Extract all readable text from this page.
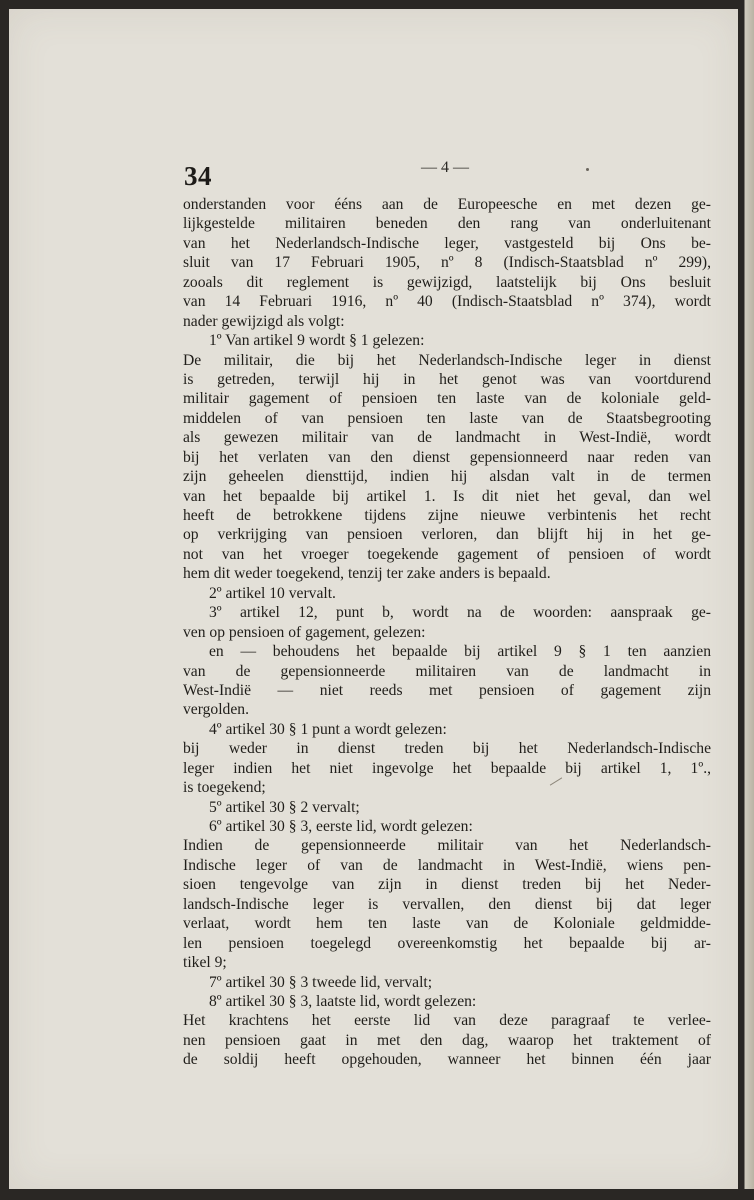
34	— 4 —
onderstanden voor ééns aan de Europeesche en met dezen ge-
lijkgestelde militairen beneden den rang van onderluitenant
van het Nederlandsch-Indische leger, vastgesteld bij Ons be-
sluit van 17 Februari 1905, nº 8 (Indisch-Staatsblad nº 299),
zooals dit reglement is gewijzigd, laatstelijk bij Ons besluit
van 14 Februari 1916, nº 40 (Indisch-Staatsblad nº 374), wordt
nader gewijzigd als volgt:
1º Van artikel 9 wordt § 1 gelezen:
De militair, die bij het Nederlandsch-Indische leger in dienst
is getreden, terwijl hij in het genot was van voortdurend
militair gagement of pensioen ten laste van de koloniale geld-
middelen of van pensioen ten laste van de Staatsbegrooting
als gewezen militair van de landmacht in West-Indië, wordt
bij het verlaten van den dienst gepensionneerd naar reden van
zijn geheelen diensttijd, indien hij alsdan valt in de termen
van het bepaalde bij artikel 1. Is dit niet het geval, dan wel
heeft de betrokkene tijdens zijne nieuwe verbintenis het recht
op verkrijging van pensioen verloren, dan blijft hij in het ge-
not van het vroeger toegekende gagement of pensioen of wordt
hem dit weder toegekend, tenzij ter zake anders is bepaald.
2º artikel 10 vervalt.
3º artikel 12, punt b, wordt na de woorden: aanspraak ge-
ven op pensioen of gagement, gelezen:
en — behoudens het bepaalde bij artikel 9 § 1 ten aanzien
van de gepensionneerde militairen van de landmacht in
West-Indië — niet reeds met pensioen of gagement zijn
vergolden.
4º artikel 30 § 1 punt a wordt gelezen:
bij weder in dienst treden bij het Nederlandsch-Indische
leger indien het niet ingevolge het bepaalde bij artikel 1, 1º.,
is toegekend;
5º artikel 30 § 2 vervalt;
6º artikel 30 § 3, eerste lid, wordt gelezen:
Indien de gepensionneerde militair van het Nederlandsch-
Indische leger of van de landmacht in West-Indië, wiens pen-
sioen tengevolge van zijn in dienst treden bij het Neder-
landsch-Indische leger is vervallen, den dienst bij dat leger
verlaat, wordt hem ten laste van de Koloniale geldmidde-
len pensioen toegelegd overeenkomstig het bepaalde bij ar-
tikel 9;
7º artikel 30 § 3 tweede lid, vervalt;
8º artikel 30 § 3, laatste lid, wordt gelezen:
Het krachtens het eerste lid van deze paragraaf te verlee-
nen pensioen gaat in met den dag, waarop het traktement of
de soldij heeft opgehouden, wanneer het binnen één jaar
